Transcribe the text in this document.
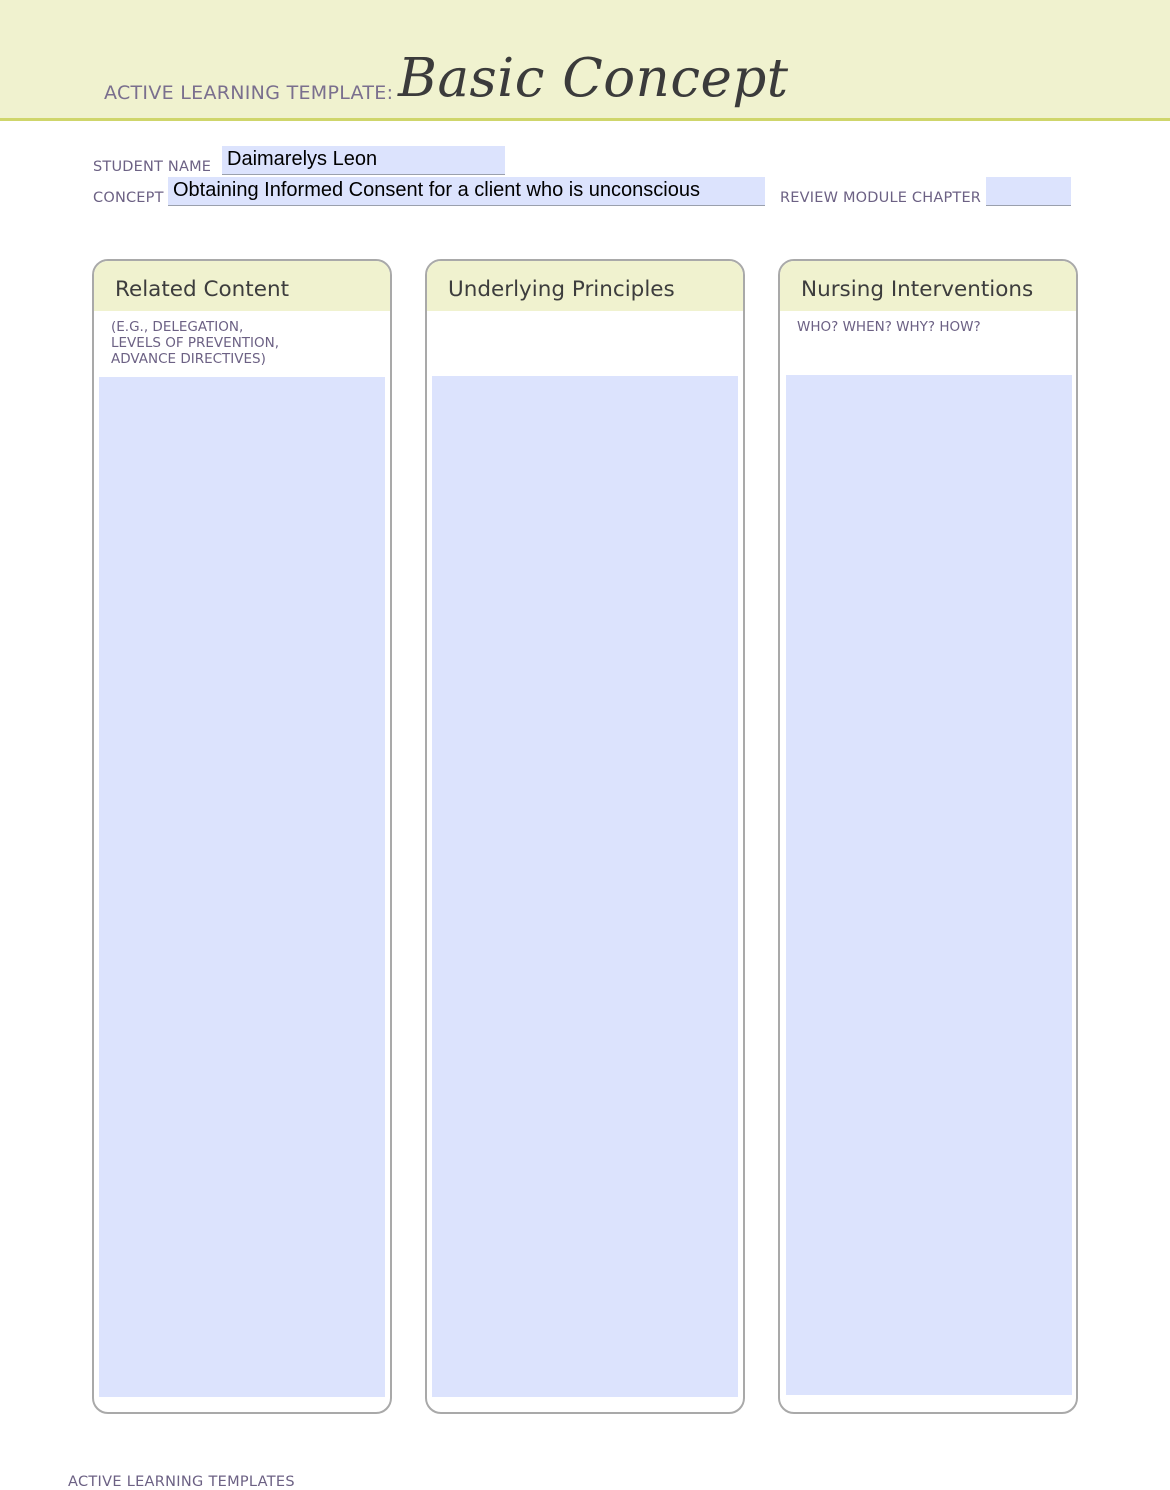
ACTIVE LEARNING TEMPLATE: Basic Concept
STUDENT NAME Daimarelys Leon
CONCEPT Obtaining Informed Consent for a client who is unconscious	REVIEW MODULE CHAPTER
Related Content
(E.G., DELEGATION,
LEVELS OF PREVENTION,
ADVANCE DIRECTIVES)
Underlying Principles	Nursing Interventions
WHO? WHEN? WHY? HOW?
ACTIVE LEARNING TEMPLATES
